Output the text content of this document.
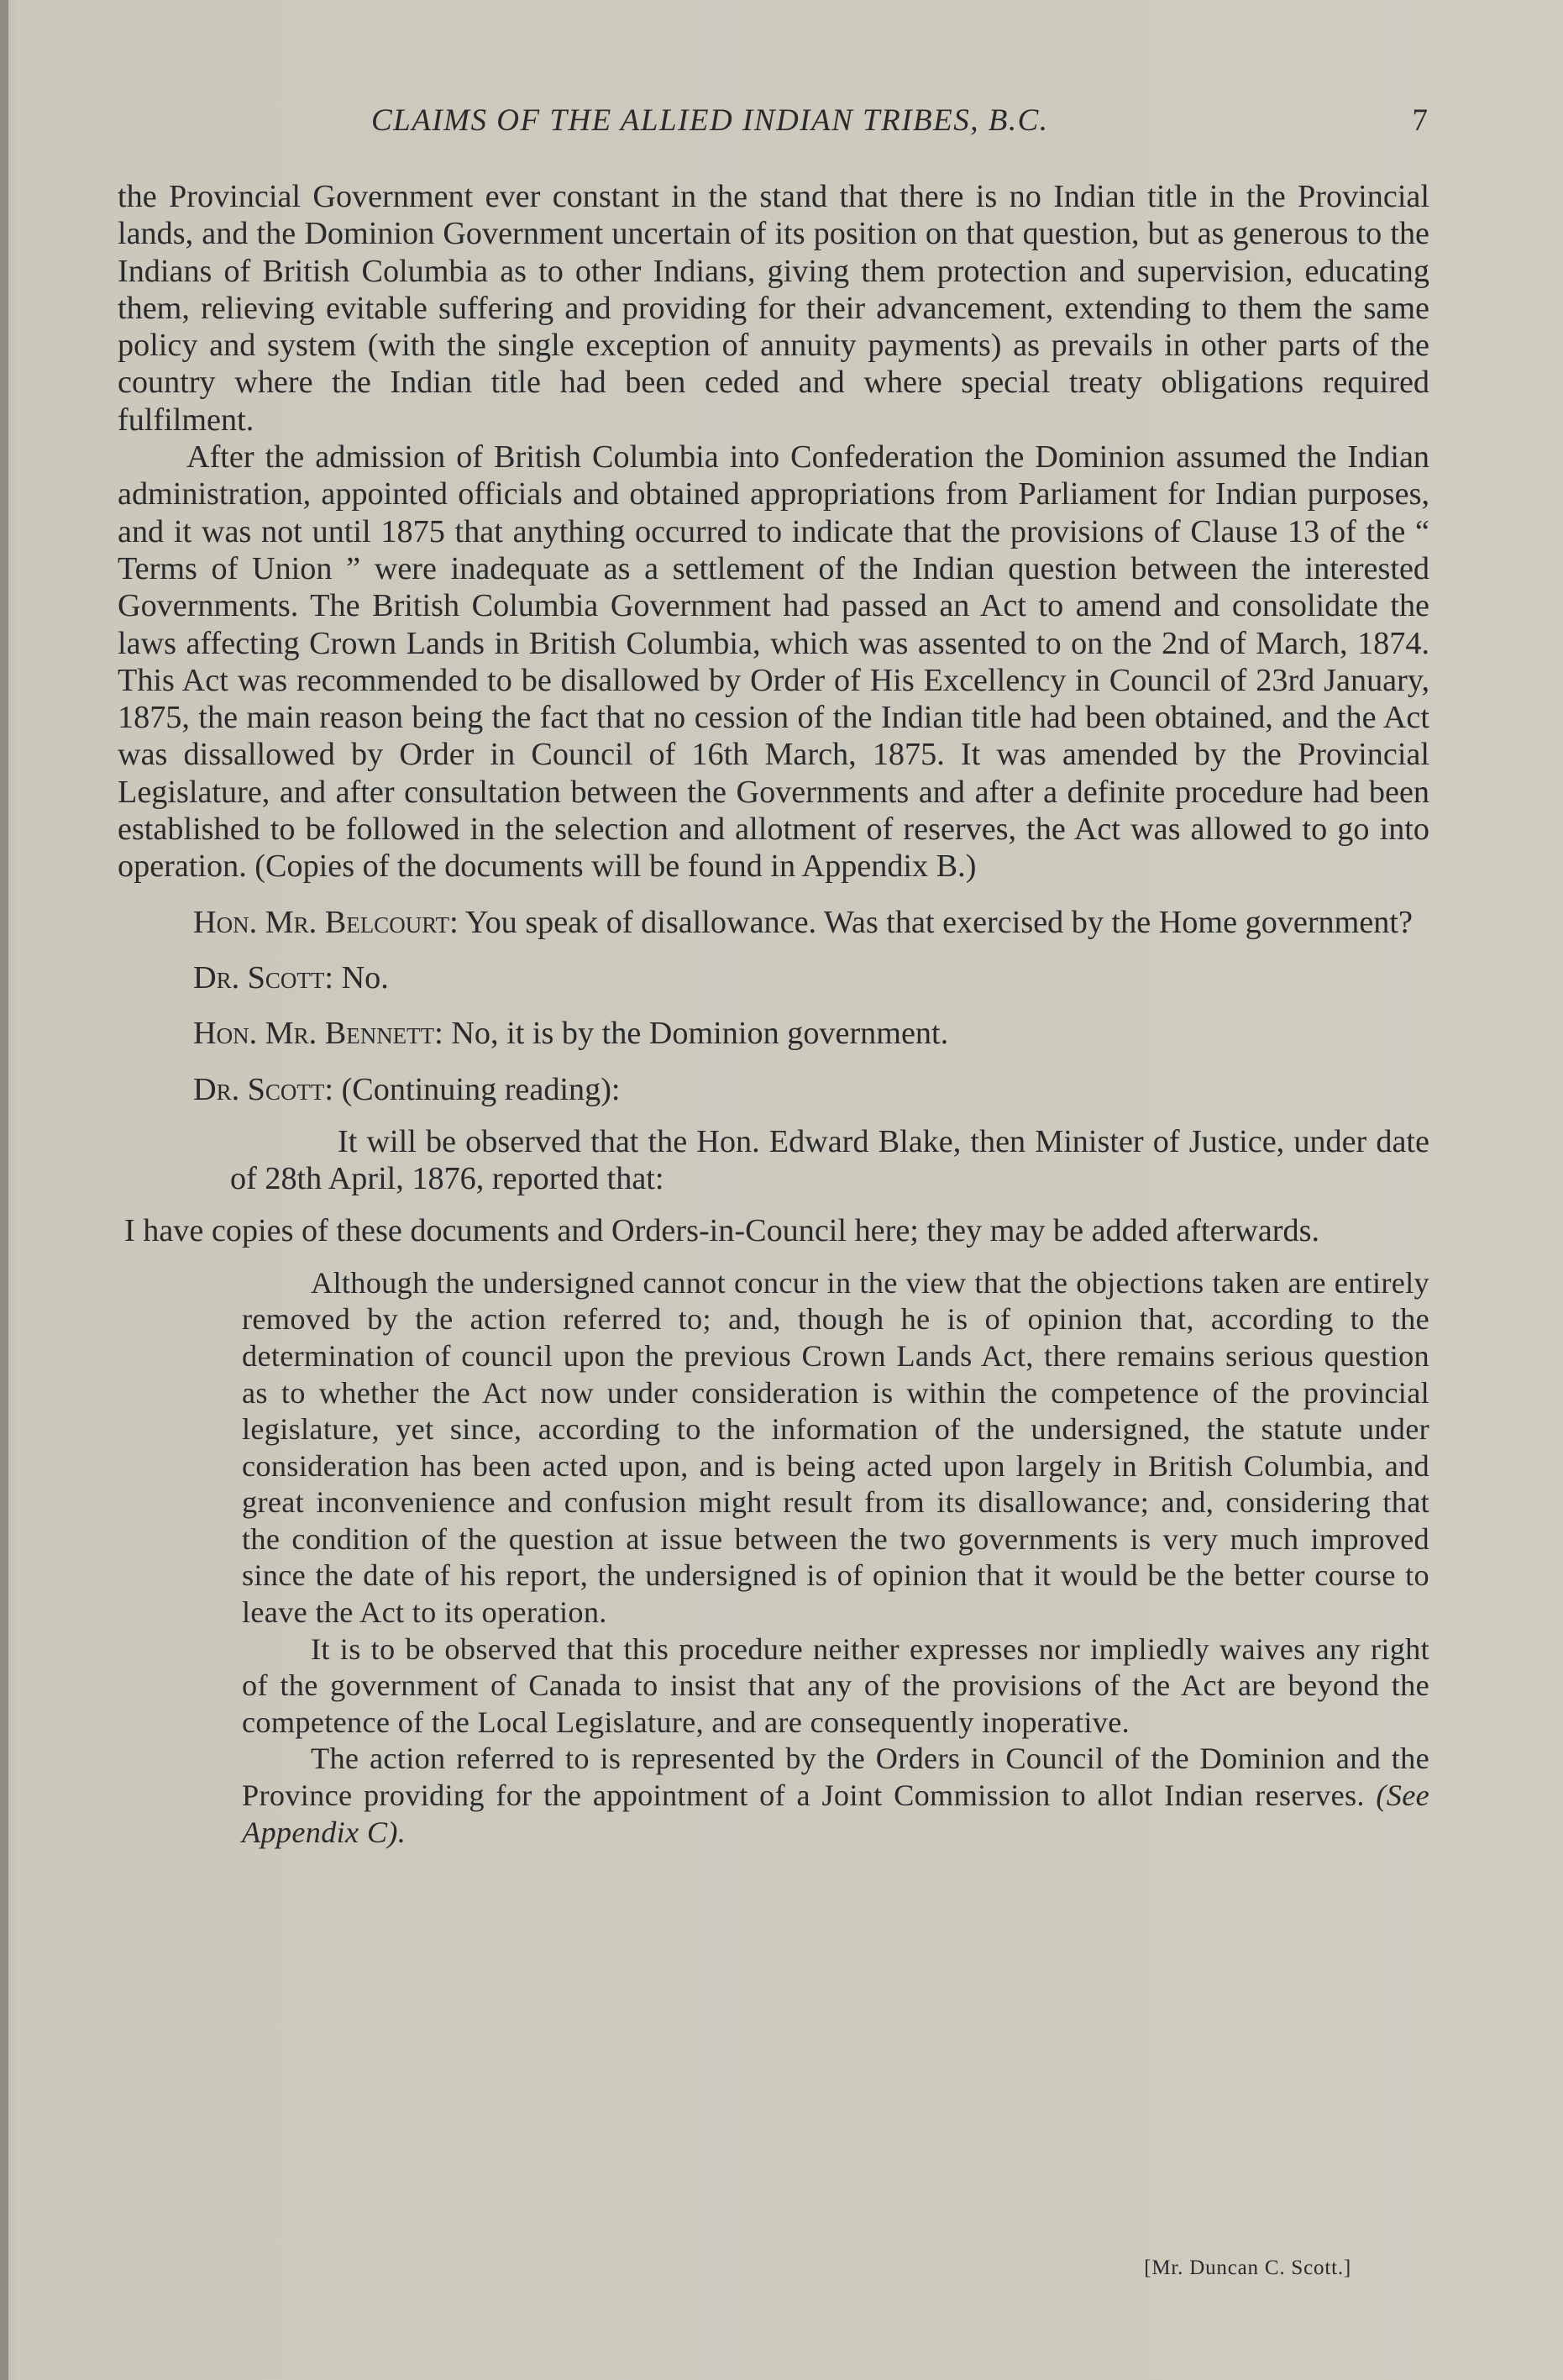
CLAIMS OF THE ALLIED INDIAN TRIBES, B.C.	7

the Provincial Government ever constant in the stand that there is no Indian title in the Provincial lands, and the Dominion Government uncertain of its position on that question, but as generous to the Indians of British Columbia as to other Indians, giving them protection and supervision, educating them, relieving evitable suffering and providing for their advancement, extending to them the same policy and system (with the single exception of annuity payments) as prevails in other parts of the country where the Indian title had been ceded and where special treaty obligations required fulfilment.

After the admission of British Columbia into Confederation the Dominion assumed the Indian administration, appointed officials and obtained appropriations from Parliament for Indian purposes, and it was not until 1875 that anything occurred to indicate that the provisions of Clause 13 of the “ Terms of Union ” were inadequate as a settlement of the Indian question between the interested Governments. The British Columbia Government had passed an Act to amend and consolidate the laws affecting Crown Lands in British Columbia, which was assented to on the 2nd of March, 1874. This Act was recommended to be disallowed by Order of His Excellency in Council of 23rd January, 1875, the main reason being the fact that no cession of the Indian title had been obtained, and the Act was dissallowed by Order in Council of 16th March, 1875. It was amended by the Provincial Legislature, and after consultation between the Governments and after a definite procedure had been established to be followed in the selection and allotment of reserves, the Act was allowed to go into operation. (Copies of the documents will be found in Appendix B.)

Hon. Mr. Belcourt: You speak of disallowance. Was that exercised by the Home government?

Dr. Scott: No.

Hon. Mr. Bennett: No, it is by the Dominion government.

Dr. Scott: (Continuing reading):

It will be observed that the Hon. Edward Blake, then Minister of Justice, under date of 28th April, 1876, reported that:

I have copies of these documents and Orders-in-Council here; they may be added afterwards.

Although the undersigned cannot concur in the view that the objections taken are entirely removed by the action referred to; and, though he is of opinion that, according to the determination of council upon the previous Crown Lands Act, there remains serious question as to whether the Act now under consideration is within the competence of the provincial legislature, yet since, according to the information of the undersigned, the statute under consideration has been acted upon, and is being acted upon largely in British Columbia, and great inconvenience and confusion might result from its disallowance; and, considering that the condition of the question at issue between the two governments is very much improved since the date of his report, the undersigned is of opinion that it would be the better course to leave the Act to its operation.

It is to be observed that this procedure neither expresses nor impliedly waives any right of the government of Canada to insist that any of the provisions of the Act are beyond the competence of the Local Legislature, and are consequently inoperative.

The action referred to is represented by the Orders in Council of the Dominion and the Province providing for the appointment of a Joint Commission to allot Indian reserves. (See Appendix C).

[Mr. Duncan C. Scott.]
